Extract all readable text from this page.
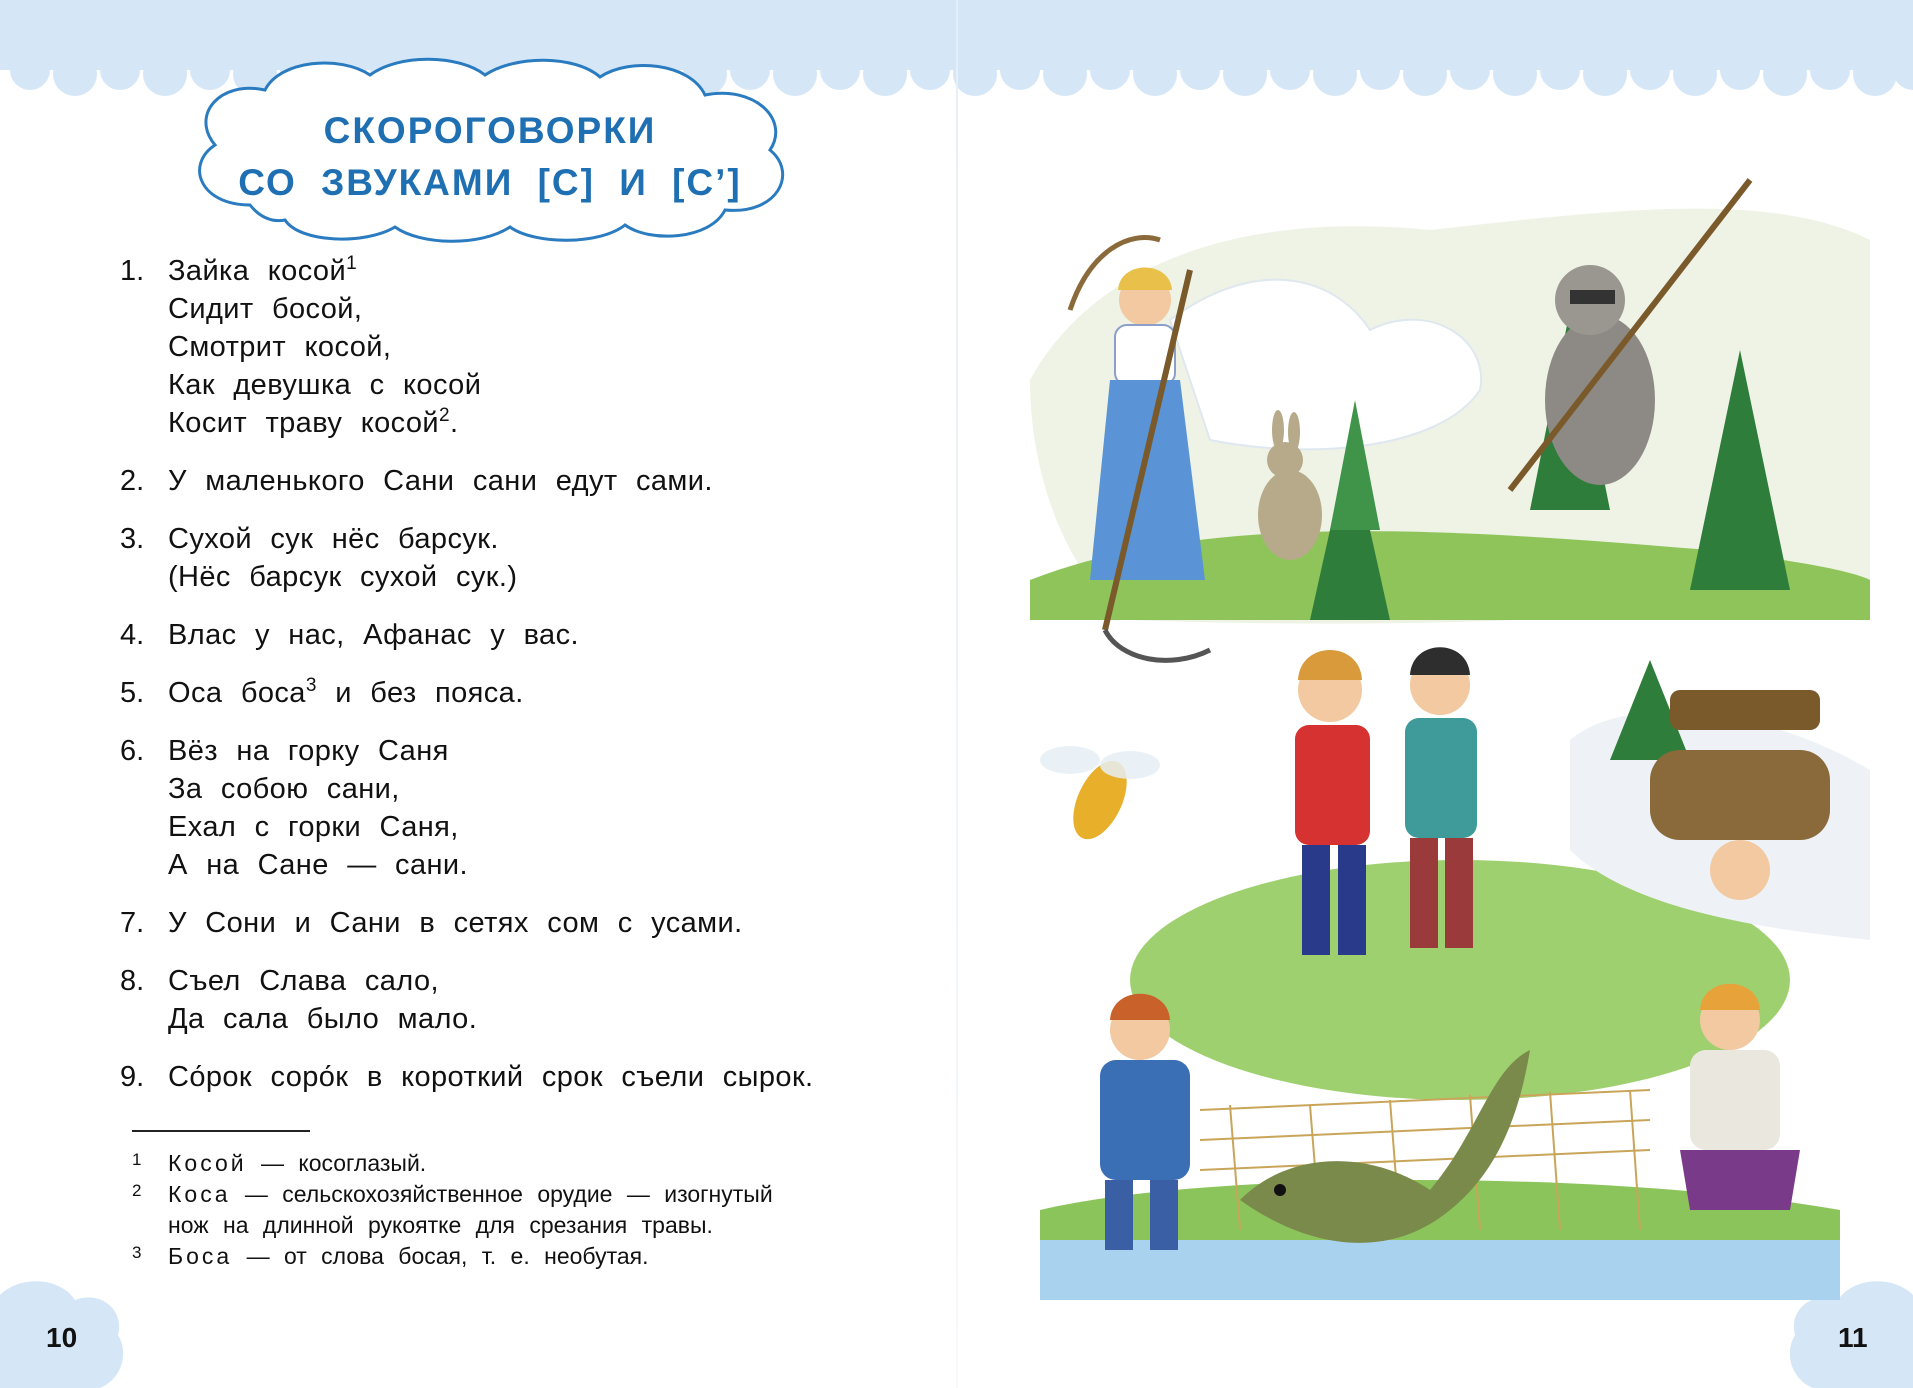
СКОРОГОВОРКИ
СО ЗВУКАМИ [С] И [С’]
1. Зайка косой$^1$
Сидит босой,
Смотрит косой,
Как девушка с косой
Косит траву косой$^2$.
2. У маленького Сани сани едут сами.
3. Сухой сук нёс барсук.
(Нёс барсук сухой сук.)
4. Влас у нас, Афанас у вас.
5. Оса боса$^3$ и без пояса.
6. Вёз на горку Саня
За собою сани,
Ехал с горки Саня,
А на Сане — сани.
7. У Сони и Сани в сетях сом с усами.
8. Съел Слава сало,
Да сала было мало.
9. Со́рок соро́к в короткий срок съели сырок.
1	Косой — косоглазый.
2	Коса — сельскохозяйственное орудие — изогнутый
нож на длинной рукоятке для срезания травы.
3	Боса — от слова босая, т. е. необутая.
10	11
